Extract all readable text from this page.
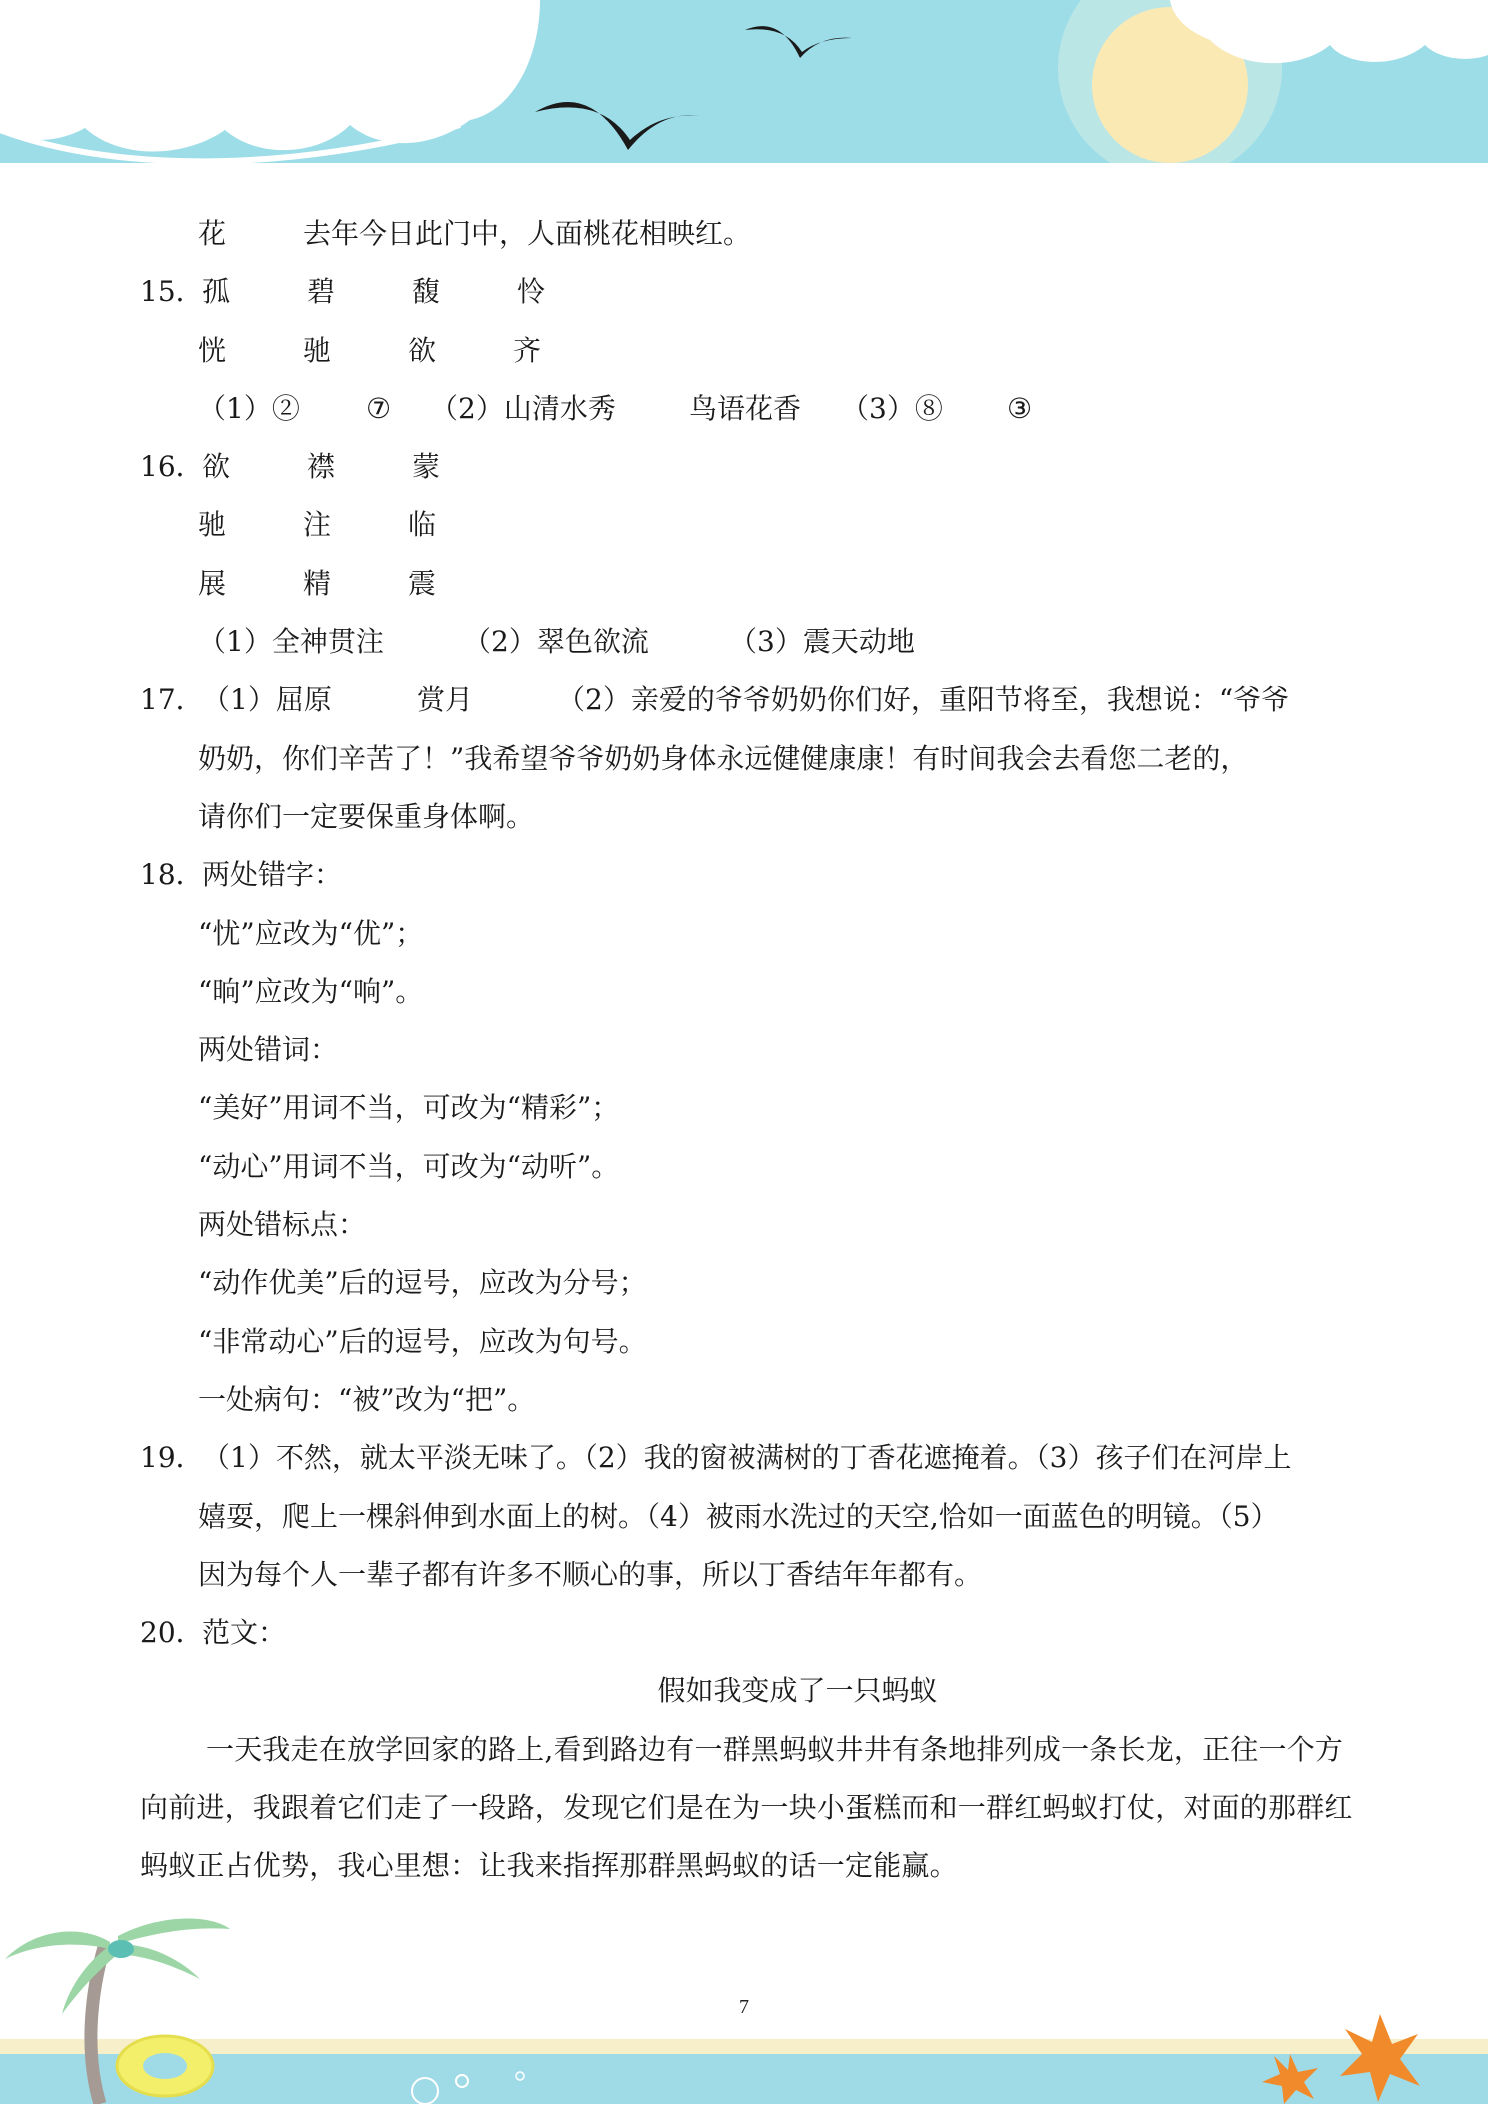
花	去年今日此门中，人面桃花相映红。
15．孤	碧	馥	怜
恍	驰	欲	齐
（1）② ⑦ （2）山清水秀	鸟语花香 （3）⑧ ③
16．欲	襟	蒙
驰	注	临
展	精	震
（1）全神贯注	（2）翠色欲流	（3）震天动地
17．（1）屈原	赏月	（2）亲爱的爷爷奶奶你们好，重阳节将至，我想说：“爷爷
奶奶，你们辛苦了！”我希望爷爷奶奶身体永远健健康康！有时间我会去看您二老的，
请你们一定要保重身体啊。
18．两处错字：
“忧”应改为“优”；
“晌”应改为“响”。
两处错词：
“美好”用词不当，可改为“精彩”；
“动心”用词不当，可改为“动听”。
两处错标点：
“动作优美”后的逗号，应改为分号；
“非常动心”后的逗号，应改为句号。
一处病句：“被”改为“把”。
19．（1）不然，就太平淡无味了。（2）我的窗被满树的丁香花遮掩着。（3）孩子们在河岸上
嬉耍，爬上一棵斜伸到水面上的树。（4）被雨水洗过的天空,恰如一面蓝色的明镜。（5）
因为每个人一辈子都有许多不顺心的事，所以丁香结年年都有。
20．范文：
假如我变成了一只蚂蚁
一天我走在放学回家的路上,看到路边有一群黑蚂蚁井井有条地排列成一条长龙，正往一个方向前进，我跟着它们走了一段路，发现它们是在为一块小蛋糕而和一群红蚂蚁打仗，对面的那群红蚂蚁正占优势，我心里想：让我来指挥那群黑蚂蚁的话一定能赢。
7
